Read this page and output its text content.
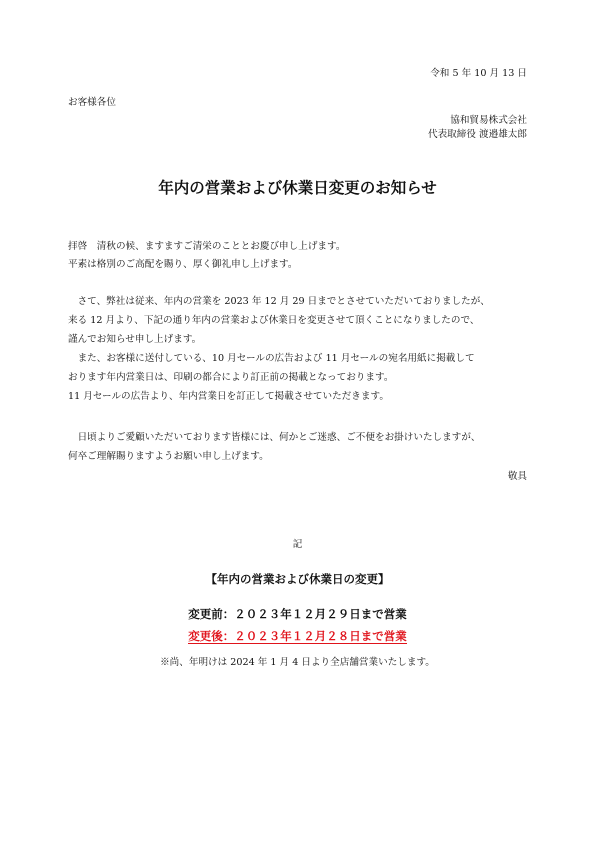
令和 5 年 10 月 13 日
お客様各位
協和貿易株式会社
代表取締役 渡邉雄太郎
年内の営業および休業日変更のお知らせ
拝啓　清秋の候、ますますご清栄のこととお慶び申し上げます。
平素は格別のご高配を賜り、厚く御礼申し上げます。
　さて、弊社は従来、年内の営業を 2023 年 12 月 29 日までとさせていただいておりましたが、
来る 12 月より、下記の通り年内の営業および休業日を変更させて頂くことになりましたので、
謹んでお知らせ申し上げます。
　また、お客様に送付している、10 月セールの広告および 11 月セールの宛名用紙に掲載して
おります年内営業日は、印刷の都合により訂正前の掲載となっております。
11 月セールの広告より、年内営業日を訂正して掲載させていただきます。
　日頃よりご愛顧いただいております皆様には、何かとご迷惑、ご不便をお掛けいたしますが、
何卒ご理解賜りますようお願い申し上げます。
敬具
記
【年内の営業および休業日の変更】
変更前：２０２３年１２月２９日まで営業
変更後：２０２３年１２月２８日まで営業
※尚、年明けは 2024 年 1 月 4 日より全店舗営業いたします。
